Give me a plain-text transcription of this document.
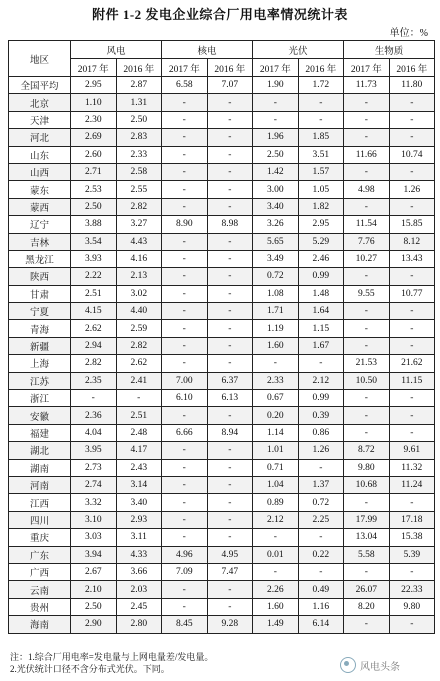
附件 1-2 发电企业综合厂用电率情况统计表
单位：%
地区	风电		核电		光伏		生物质	
	2017 年	2016 年	2017 年	2016 年	2017 年	2016 年	2017 年	2016 年
全国平均	2.95	2.87	6.58	7.07	1.90	1.72	11.73	11.80
北京	1.10	1.31	-	-	-	-	-	-
天津	2.30	2.50	-	-	-	-	-	-
河北	2.69	2.83	-	-	1.96	1.85	-	-
山东	2.60	2.33	-	-	2.50	3.51	11.66	10.74
山西	2.71	2.58	-	-	1.42	1.57	-	-
蒙东	2.53	2.55	-	-	3.00	1.05	4.98	1.26
蒙西	2.50	2.82	-	-	3.40	1.82	-	-
辽宁	3.88	3.27	8.90	8.98	3.26	2.95	11.54	15.85
吉林	3.54	4.43	-	-	5.65	5.29	7.76	8.12
黑龙江	3.93	4.16	-	-	3.49	2.46	10.27	13.43
陕西	2.22	2.13	-	-	0.72	0.99	-	-
甘肃	2.51	3.02	-	-	1.08	1.48	9.55	10.77
宁夏	4.15	4.40	-	-	1.71	1.64	-	-
青海	2.62	2.59	-	-	1.19	1.15	-	-
新疆	2.94	2.82	-	-	1.60	1.67	-	-
上海	2.82	2.62	-	-	-	-	21.53	21.62
江苏	2.35	2.41	7.00	6.37	2.33	2.12	10.50	11.15
浙江	-	-	6.10	6.13	0.67	0.99	-	-
安徽	2.36	2.51	-	-	0.20	0.39	-	-
福建	4.04	2.48	6.66	8.94	1.14	0.86	-	-
湖北	3.95	4.17	-	-	1.01	1.26	8.72	9.61
湖南	2.73	2.43	-	-	0.71	-	9.80	11.32
河南	2.74	3.14	-	-	1.04	1.37	10.68	11.24
江西	3.32	3.40	-	-	0.89	0.72	-	-
四川	3.10	2.93	-	-	2.12	2.25	17.99	17.18
重庆	3.03	3.11	-	-	-	-	13.04	15.38
广东	3.94	4.33	4.96	4.95	0.01	0.22	5.58	5.39
广西	2.67	3.66	7.09	7.47	-	-	-	-
云南	2.10	2.03	-	-	2.26	0.49	26.07	22.33
贵州	2.50	2.45	-	-	1.60	1.16	8.20	9.80
海南	2.90	2.80	8.45	9.28	1.49	6.14	-	-
注：1.综合厂用电率=发电量与上网电量差/发电量。
2.光伏统计口径不含分布式光伏。下同。	风电头条
